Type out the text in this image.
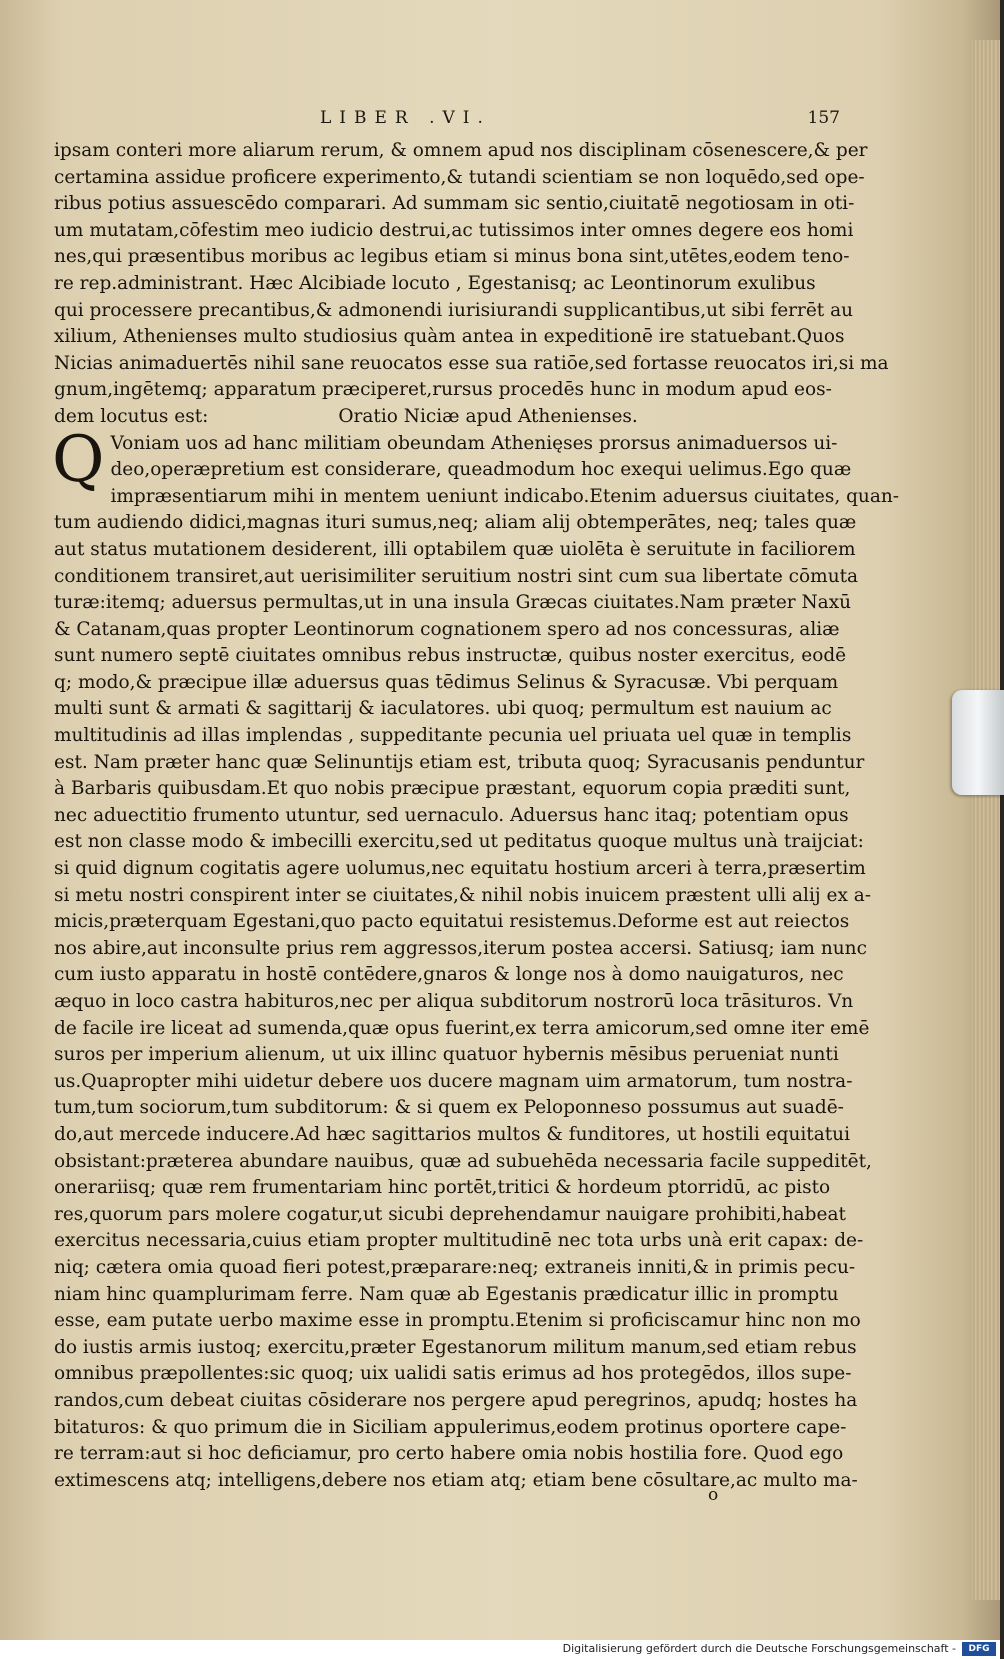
LIBER .VI.	157
ipsam conteri more aliarum rerum, & omnem apud nos disciplinam cōsenescere,& per
certamina assidue proficere experimento,& tutandi scientiam se non loquēdo,sed ope-
ribus potius assuescēdo comparari. Ad summam sic sentio,ciuitatē negotiosam in oti-
um mutatam,cōfestim meo iudicio destrui,ac tutissimos inter omnes degere eos homi
nes,qui præsentibus moribus ac legibus etiam si minus bona sint,utētes,eodem teno-
re rep.administrant. Hæc Alcibiade locuto , Egestanisq; ac Leontinorum exulibus
qui processere precantibus,& admonendi iurisiurandi supplicantibus,ut sibi ferrēt au
xilium, Athenienses multo studiosius quàm antea in expeditionē ire statuebant.Quos
Nicias animaduertēs nihil sane reuocatos esse sua ratiōe,sed fortasse reuocatos iri,si ma
gnum,ingētemq; apparatum præciperet,rursus procedēs hunc in modum apud eos-
dem locutus est:	Oratio Niciæ apud Athenienses.
Q Voniam uos ad hanc militiam obeundam Athenięses prorsus animaduersos ui-
deo,operæpretium est considerare, queadmodum hoc exequi uelimus.Ego quæ
impræsentiarum mihi in mentem ueniunt indicabo.Etenim aduersus ciuitates, quan-
tum audiendo didici,magnas ituri sumus,neq; aliam alij obtemperātes, neq; tales quæ
aut status mutationem desiderent, illi optabilem quæ uiolēta è seruitute in faciliorem
conditionem transiret,aut uerisimiliter seruitium nostri sint cum sua libertate cōmuta
turæ:itemq; aduersus permultas,ut in una insula Græcas ciuitates.Nam præter Naxū
& Catanam,quas propter Leontinorum cognationem spero ad nos concessuras, aliæ
sunt numero septē ciuitates omnibus rebus instructæ, quibus noster exercitus, eodē
q; modo,& præcipue illæ aduersus quas tēdimus Selinus & Syracusæ. Vbi perquam
multi sunt & armati & sagittarij & iaculatores. ubi quoq; permultum est nauium ac
multitudinis ad illas implendas , suppeditante pecunia uel priuata uel quæ in templis
est. Nam præter hanc quæ Selinuntijs etiam est, tributa quoq; Syracusanis penduntur
à Barbaris quibusdam.Et quo nobis præcipue præstant, equorum copia præditi sunt,
nec aduectitio frumento utuntur, sed uernaculo. Aduersus hanc itaq; potentiam opus
est non classe modo & imbecilli exercitu,sed ut peditatus quoque multus unà traijciat:
si quid dignum cogitatis agere uolumus,nec equitatu hostium arceri à terra,præsertim
si metu nostri conspirent inter se ciuitates,& nihil nobis inuicem præstent ulli alij ex a-
micis,præterquam Egestani,quo pacto equitatui resistemus.Deforme est aut reiectos
nos abire,aut inconsulte prius rem aggressos,iterum postea accersi. Satiusq; iam nunc
cum iusto apparatu in hostē contēdere,gnaros & longe nos à domo nauigaturos, nec
æquo in loco castra habituros,nec per aliqua subditorum nostrorū loca trāsituros. Vn
de facile ire liceat ad sumenda,quæ opus fuerint,ex terra amicorum,sed omne iter emē
suros per imperium alienum, ut uix illinc quatuor hybernis mēsibus perueniat nunti
us.Quapropter mihi uidetur debere uos ducere magnam uim armatorum, tum nostra-
tum,tum sociorum,tum subditorum: & si quem ex Peloponneso possumus aut suadē-
do,aut mercede inducere.Ad hæc sagittarios multos & funditores, ut hostili equitatui
obsistant:præterea abundare nauibus, quæ ad subuehēda necessaria facile suppeditēt,
onerariisq; quæ rem frumentariam hinc portēt,tritici & hordeum ptorridū, ac pisto
res,quorum pars molere cogatur,ut sicubi deprehendamur nauigare prohibiti,habeat
exercitus necessaria,cuius etiam propter multitudinē nec tota urbs unà erit capax: de-
niq; cætera omia quoad fieri potest,præparare:neq; extraneis inniti,& in primis pecu-
niam hinc quamplurimam ferre. Nam quæ ab Egestanis prædicatur illic in promptu
esse, eam putate uerbo maxime esse in promptu.Etenim si proficiscamur hinc non mo
do iustis armis iustoq; exercitu,præter Egestanorum militum manum,sed etiam rebus
omnibus præpollentes:sic quoq; uix ualidi satis erimus ad hos protegēdos, illos supe-
randos,cum debeat ciuitas cōsiderare nos pergere apud peregrinos, apudq; hostes ha
bitaturos: & quo primum die in Siciliam appulerimus,eodem protinus oportere cape-
re terram:aut si hoc deficiamur, pro certo habere omia nobis hostilia fore. Quod ego
extimescens atq; intelligens,debere nos etiam atq; etiam bene cōsultare,ac multo ma-
o
Digitalisierung gefördert durch die Deutsche Forschungsgemeinschaft -	DFG
